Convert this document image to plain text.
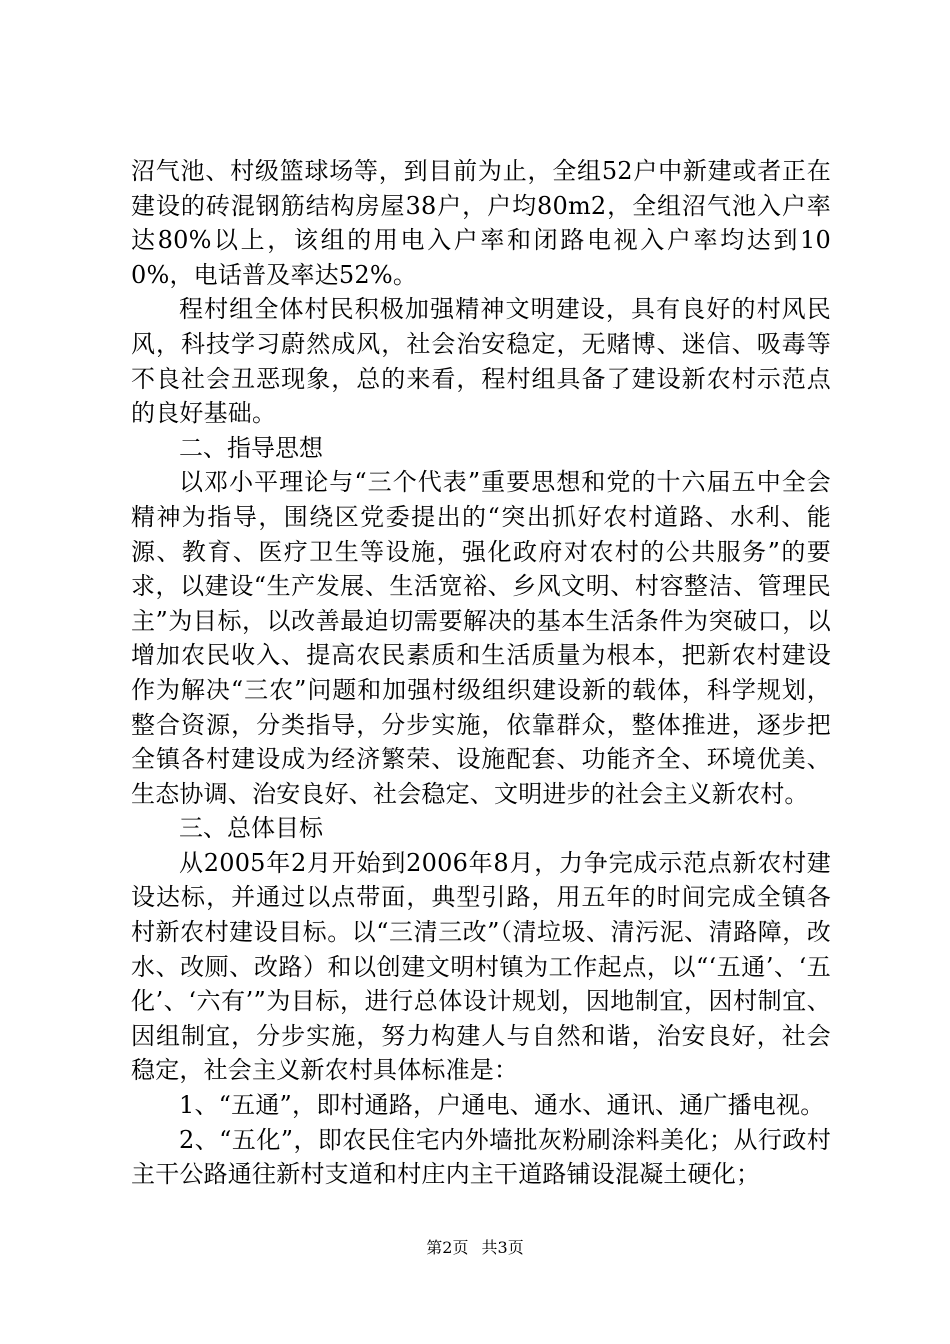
沼气池、村级篮球场等，到目前为止，全组52户中新建或者正在建设的砖混钢筋结构房屋38户，户均80m2，全组沼气池入户率达80%以上，该组的用电入户率和闭路电视入户率均达到100%，电话普及率达52%。

程村组全体村民积极加强精神文明建设，具有良好的村风民风，科技学习蔚然成风，社会治安稳定，无赌博、迷信、吸毒等不良社会丑恶现象，总的来看，程村组具备了建设新农村示范点的良好基础。

二、指导思想

以邓小平理论与“三个代表”重要思想和党的十六届五中全会精神为指导，围绕区党委提出的“突出抓好农村道路、水利、能源、教育、医疗卫生等设施，强化政府对农村的公共服务”的要求，以建设“生产发展、生活宽裕、乡风文明、村容整洁、管理民主”为目标，以改善最迫切需要解决的基本生活条件为突破口，以增加农民收入、提高农民素质和生活质量为根本，把新农村建设作为解决“三农”问题和加强村级组织建设新的载体，科学规划，整合资源，分类指导，分步实施，依靠群众，整体推进，逐步把全镇各村建设成为经济繁荣、设施配套、功能齐全、环境优美、生态协调、治安良好、社会稳定、文明进步的社会主义新农村。

三、总体目标

从2005年2月开始到2006年8月，力争完成示范点新农村建设达标，并通过以点带面，典型引路，用五年的时间完成全镇各村新农村建设目标。以“三清三改”（清垃圾、清污泥、清路障，改水、改厕、改路）和以创建文明村镇为工作起点，以“‘五通’、‘五化’、‘六有’”为目标，进行总体设计规划，因地制宜，因村制宜、因组制宜，分步实施，努力构建人与自然和谐，治安良好，社会稳定，社会主义新农村具体标准是：

1、“五通”，即村通路，户通电、通水、通讯、通广播电视。

2、“五化”，即农民住宅内外墙批灰粉刷涂料美化；从行政村主干公路通往新村支道和村庄内主干道路铺设混凝土硬化；

第2页 共3页
